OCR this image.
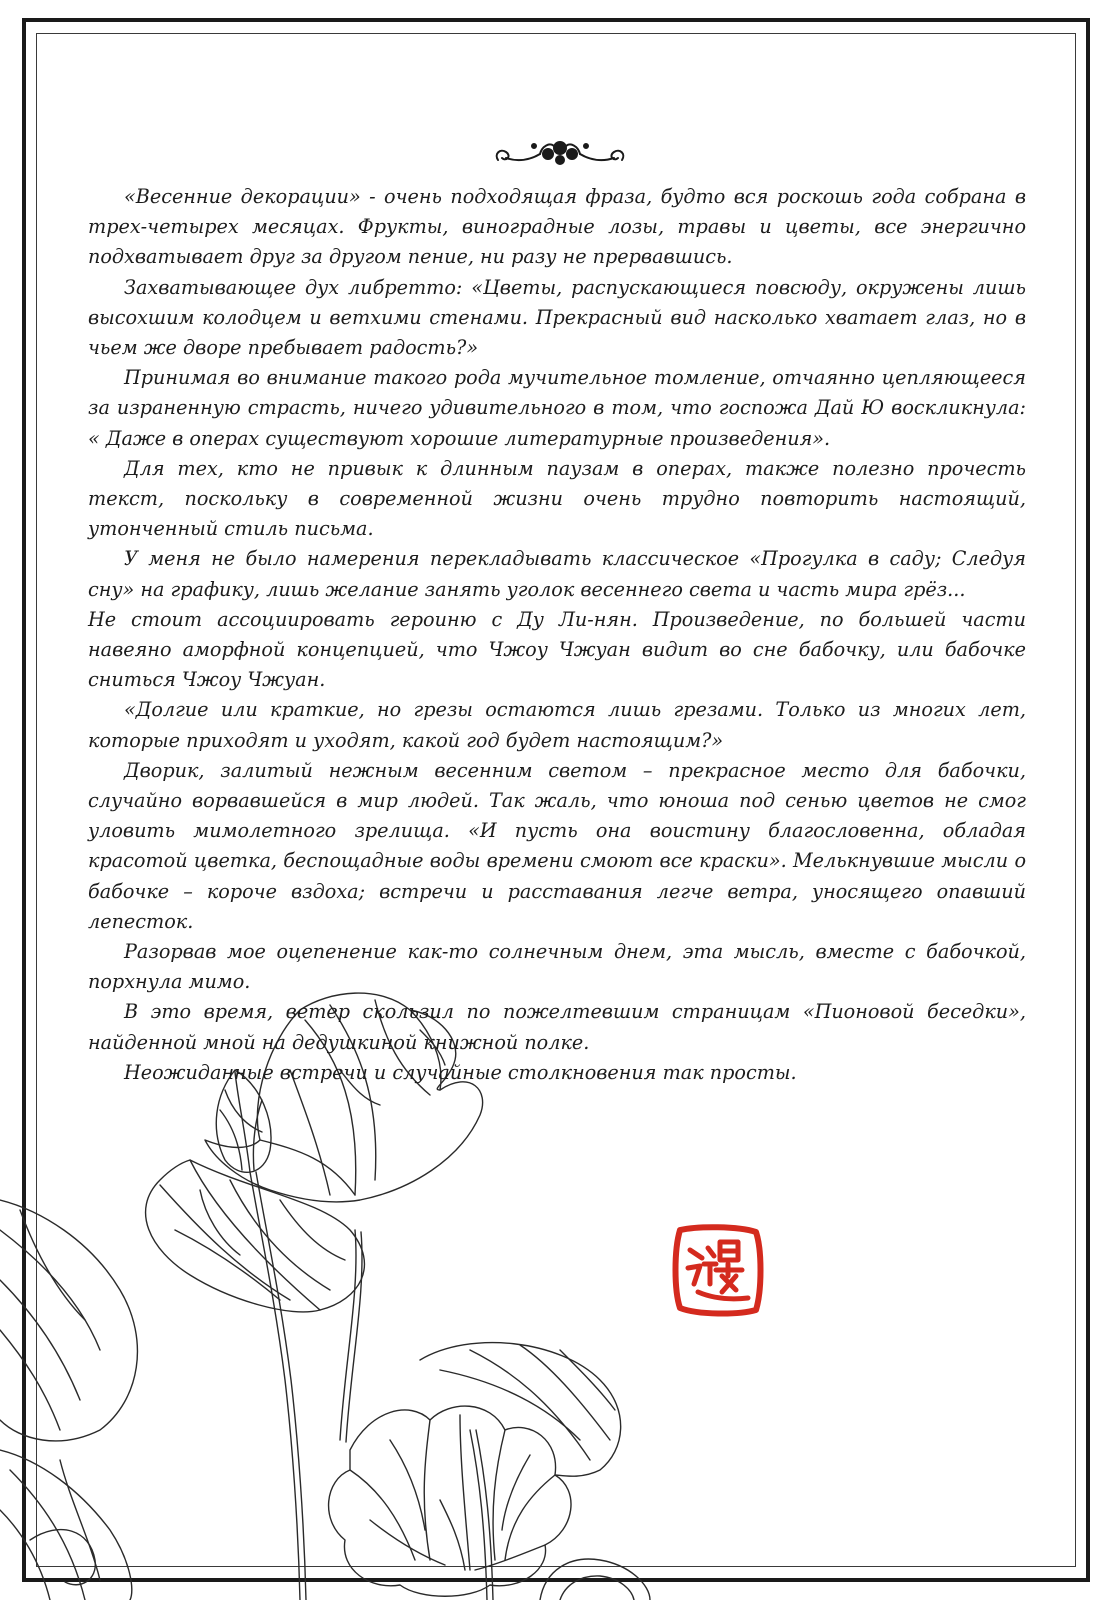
«Весенние декорации» - очень подходящая фраза, будто вся роскошь года собрана в трех-четырех месяцах. Фрукты, виноградные лозы, травы и цветы, все энергично подхватывает друг за другом пение, ни разу не прервавшись.

Захватывающее дух либретто: «Цветы, распускающиеся повсюду, окружены лишь высохшим колодцем и ветхими стенами. Прекрасный вид насколько хватает глаз, но в чьем же дворе пребывает радость?»

Принимая во внимание такого рода мучительное томление, отчаянно цепляющееся за израненную страсть, ничего удивительного в том, что госпожа Дай Ю воскликнула: « Даже в операх существуют хорошие литературные произведения».

Для тех, кто не привык к длинным паузам в операх, также полезно прочесть текст, поскольку в современной жизни очень трудно повторить настоящий, утонченный стиль письма.

У меня не было намерения перекладывать классическое «Прогулка в саду; Следуя сну» на графику, лишь желание занять уголок весеннего света и часть мира грёз...

Не стоит ассоциировать героиню с Ду Ли-нян. Произведение, по большей части навеяно аморфной концепцией, что Чжоу Чжуан видит во сне бабочку, или бабочке сниться Чжоу Чжуан.

«Долгие или краткие, но грезы остаются лишь грезами. Только из многих лет, которые приходят и уходят, какой год будет настоящим?»

Дворик, залитый нежным весенним светом – прекрасное место для бабочки, случайно ворвавшейся в мир людей. Так жаль, что юноша под сенью цветов не смог уловить мимолетного зрелища. «И пусть она воистину благословенна, обладая красотой цветка, беспощадные воды времени смоют все краски». Мелькнувшие мысли о бабочке – короче вздоха; встречи и расставания легче ветра, уносящего опавший лепесток.

Разорвав мое оцепенение как-то солнечным днем, эта мысль, вместе с бабочкой, порхнула мимо.

В это время, ветер скользил по пожелтевшим страницам «Пионовой беседки», найденной мной на дедушкиной книжной полке.

Неожиданные встречи и случайные столкновения так просты.
